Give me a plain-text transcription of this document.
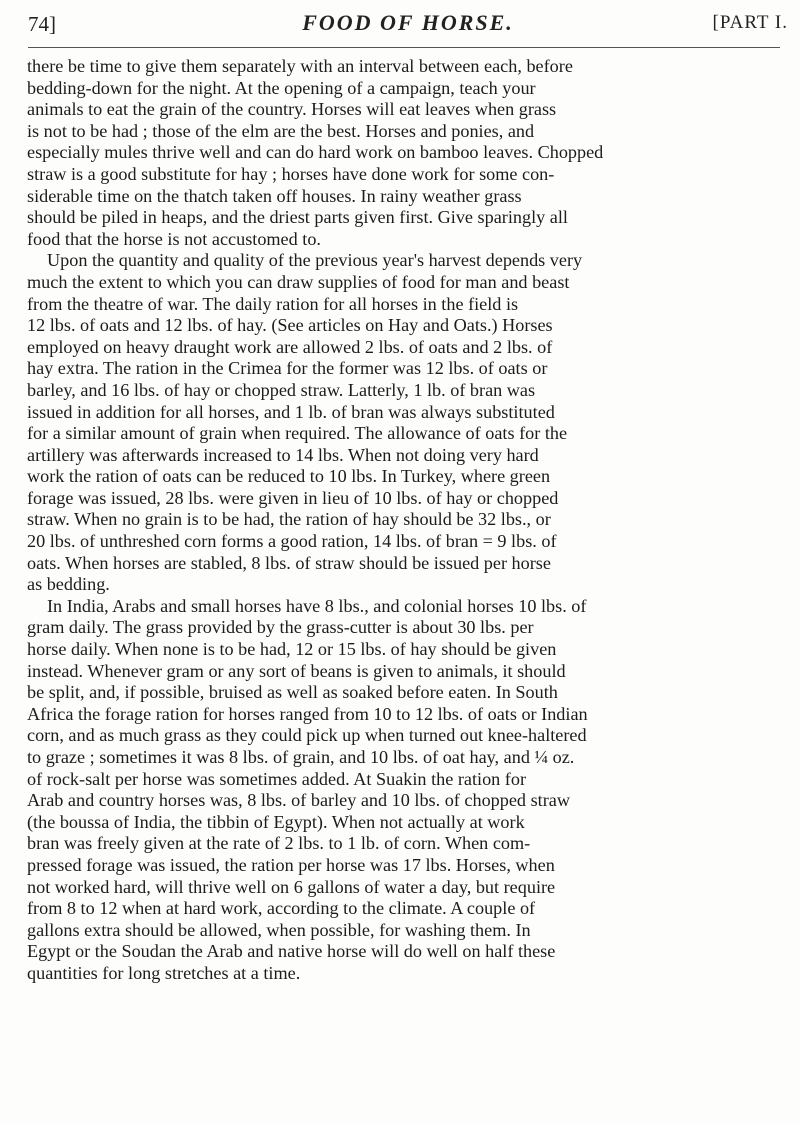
74]	FOOD OF HORSE.	[PART I.
there be time to give them separately with an interval between each, before
bedding-down for the night. At the opening of a campaign, teach your
animals to eat the grain of the country. Horses will eat leaves when grass
is not to be had ; those of the elm are the best. Horses and ponies, and
especially mules thrive well and can do hard work on bamboo leaves. Chopped
straw is a good substitute for hay ; horses have done work for some con-
siderable time on the thatch taken off houses. In rainy weather grass
should be piled in heaps, and the driest parts given first. Give sparingly all
food that the horse is not accustomed to.
Upon the quantity and quality of the previous year's harvest depends very
much the extent to which you can draw supplies of food for man and beast
from the theatre of war. The daily ration for all horses in the field is
12 lbs. of oats and 12 lbs. of hay. (See articles on Hay and Oats.) Horses
employed on heavy draught work are allowed 2 lbs. of oats and 2 lbs. of
hay extra. The ration in the Crimea for the former was 12 lbs. of oats or
barley, and 16 lbs. of hay or chopped straw. Latterly, 1 lb. of bran was
issued in addition for all horses, and 1 lb. of bran was always substituted
for a similar amount of grain when required. The allowance of oats for the
artillery was afterwards increased to 14 lbs. When not doing very hard
work the ration of oats can be reduced to 10 lbs. In Turkey, where green
forage was issued, 28 lbs. were given in lieu of 10 lbs. of hay or chopped
straw. When no grain is to be had, the ration of hay should be 32 lbs., or
20 lbs. of unthreshed corn forms a good ration, 14 lbs. of bran = 9 lbs. of
oats. When horses are stabled, 8 lbs. of straw should be issued per horse
as bedding.
In India, Arabs and small horses have 8 lbs., and colonial horses 10 lbs. of
gram daily. The grass provided by the grass-cutter is about 30 lbs. per
horse daily. When none is to be had, 12 or 15 lbs. of hay should be given
instead. Whenever gram or any sort of beans is given to animals, it should
be split, and, if possible, bruised as well as soaked before eaten. In South
Africa the forage ration for horses ranged from 10 to 12 lbs. of oats or Indian
corn, and as much grass as they could pick up when turned out knee-haltered
to graze ; sometimes it was 8 lbs. of grain, and 10 lbs. of oat hay, and ¼ oz.
of rock-salt per horse was sometimes added. At Suakin the ration for
Arab and country horses was, 8 lbs. of barley and 10 lbs. of chopped straw
(the boussa of India, the tibbin of Egypt). When not actually at work
bran was freely given at the rate of 2 lbs. to 1 lb. of corn. When com-
pressed forage was issued, the ration per horse was 17 lbs. Horses, when
not worked hard, will thrive well on 6 gallons of water a day, but require
from 8 to 12 when at hard work, according to the climate. A couple of
gallons extra should be allowed, when possible, for washing them. In
Egypt or the Soudan the Arab and native horse will do well on half these
quantities for long stretches at a time.
